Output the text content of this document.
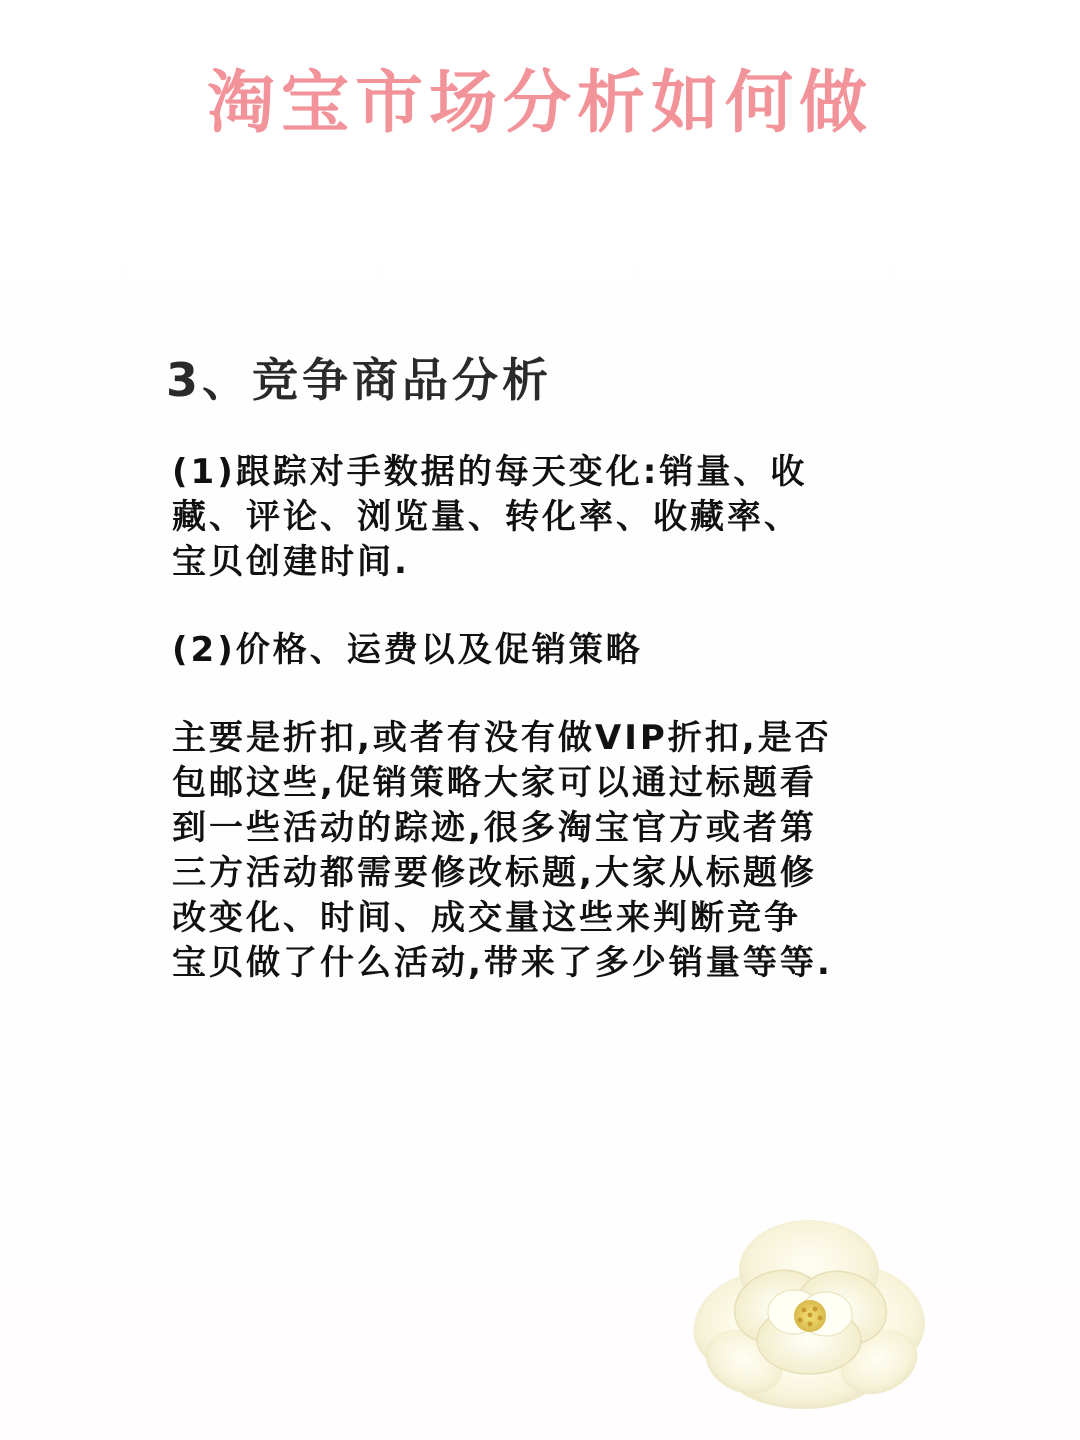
淘宝市场分析如何做
3、竞争商品分析

(1)跟踪对手数据的每天变化:销量、收
藏、评论、浏览量、转化率、收藏率、
宝贝创建时间.

(2)价格、运费以及促销策略

主要是折扣,或者有没有做VIP折扣,是否
包邮这些,促销策略大家可以通过标题看
到一些活动的踪迹,很多淘宝官方或者第
三方活动都需要修改标题,大家从标题修
改变化、时间、成交量这些来判断竞争
宝贝做了什么活动,带来了多少销量等等.
